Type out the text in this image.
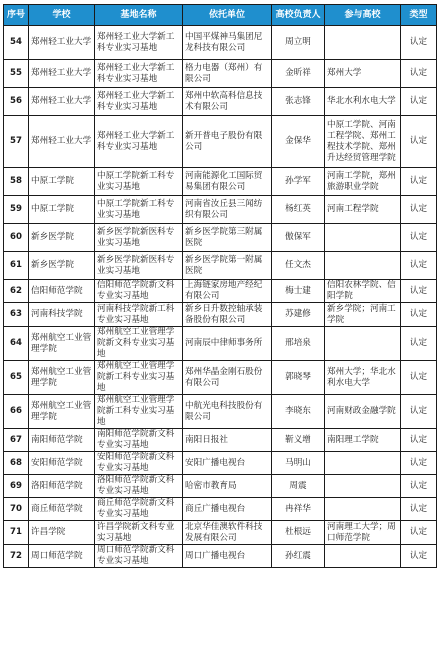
序号	学校	基地名称	依托单位	高校负责人	参与高校	类型
54	郑州轻工业大学	郑州轻工业大学新工科专业实习基地	中国平煤神马集团尼龙科技有限公司	周立明		认定
55	郑州轻工业大学	郑州轻工业大学新工科专业实习基地	格力电器（郑州）有限公司	金昕祥	郑州大学	认定
56	郑州轻工业大学	郑州轻工业大学新工科专业实习基地	郑州中软高科信息技术有限公司	张志锋	华北水利水电大学	认定
57	郑州轻工业大学	郑州轻工业大学新工科专业实习基地	新开普电子股份有限公司	金保华	中原工学院、河南工程学院、郑州工程技术学院、郑州升达经贸管理学院	认定
58	中原工学院	中原工学院新工科专业实习基地	河南能源化工国际贸易集团有限公司	孙学军	河南工学院，郑州旅游职业学院	认定
59	中原工学院	中原工学院新工科专业实习基地	河南省汝丘县三闻纺织有限公司	杨红英	河南工程学院	认定
60	新乡医学院	新乡医学院新医科专业实习基地	新乡医学院第三附属医院	傲保军		认定
61	新乡医学院	新乡医学院新医科专业实习基地	新乡医学院第一附属医院	任文杰		认定
62	信阳师范学院	信阳师范学院新文科专业实习基地	上海链家房地产经纪有限公司	梅士建	信阳农林学院、信阳学院	认定
63	河南科技学院	河南科技学院新工科专业实习基地	新乡日升数控轴承装备股份有限公司	苏建修	新乡学院；河南工学院	认定
64	郑州航空工业管理学院	郑州航空工业管理学院新文科专业实习基地	河南辰中律师事务所	邢培泉		认定
65	郑州航空工业管理学院	郑州航空工业管理学院新工科专业实习基地	郑州华晶金刚石股份有限公司	郭晓琴	郑州大学；华北水利水电大学	认定
66	郑州航空工业管理学院	郑州航空工业管理学院新工科专业实习基地	中航光电科技股份有限公司	李晓东	河南财政金融学院	认定
67	南阳师范学院	南阳师范学院新文科专业实习基地	南阳日报社	靳义增	南阳理工学院	认定
68	安阳师范学院	安阳师范学院新文科专业实习基地	安阳广播电视台	马明山		认定
69	洛阳师范学院	洛阳师范学院新文科专业实习基地	哈密市教育局	周震		认定
70	商丘师范学院	商丘师范学院新文科专业实习基地	商丘广播电视台	冉祥华		认定
71	许昌学院	许昌学院新文科专业实习基地	北京华佳澳软件科技发展有限公司	杜根远	河南理工大学；周口师范学院	认定
72	周口师范学院	周口师范学院新文科专业实习基地	周口广播电视台	孙红震		认定
